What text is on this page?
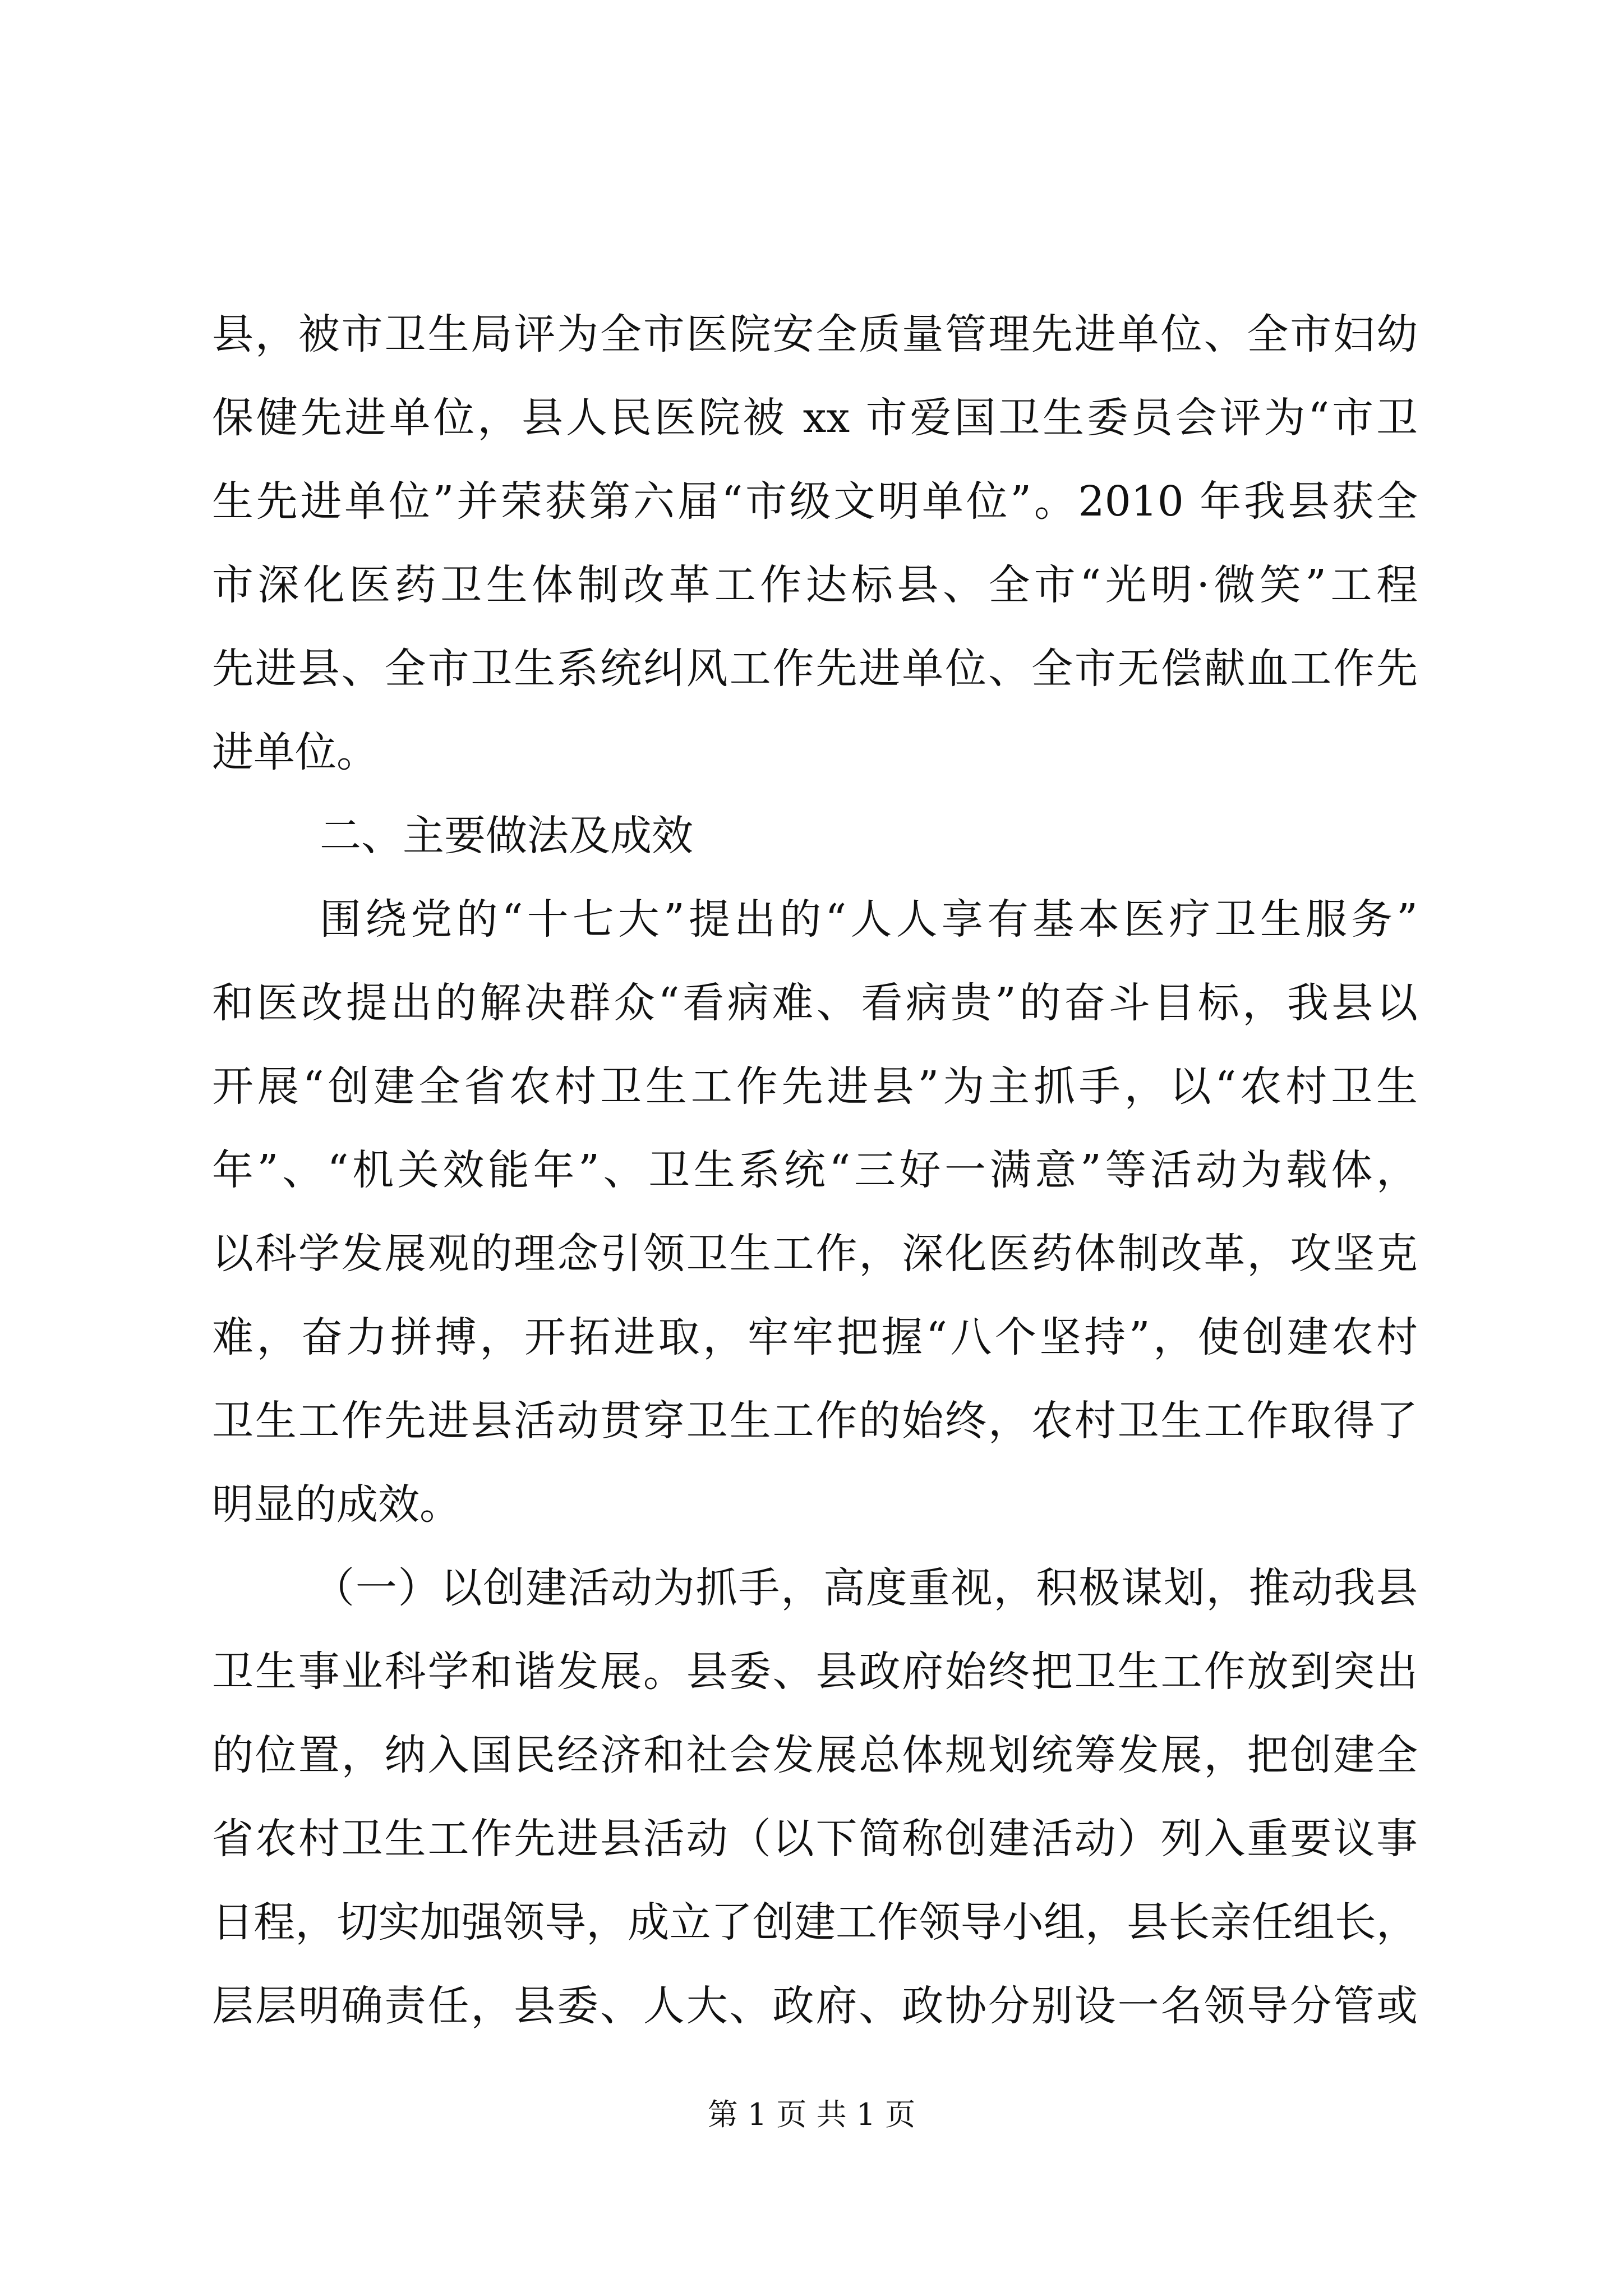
县，被市卫生局评为全市医院安全质量管理先进单位、全市妇幼
保健先进单位，县人民医院被 xx 市爱国卫生委员会评为“市卫
生先进单位”并荣获第六届“市级文明单位”。2010 年我县获全
市深化医药卫生体制改革工作达标县、全市“光明·微笑”工程
先进县、全市卫生系统纠风工作先进单位、全市无偿献血工作先
进单位。
二、主要做法及成效
围绕党的“十七大”提出的“人人享有基本医疗卫生服务”
和医改提出的解决群众“看病难、看病贵”的奋斗目标，我县以
开展“创建全省农村卫生工作先进县”为主抓手，以“农村卫生
年”、“机关效能年”、卫生系统“三好一满意”等活动为载体，
以科学发展观的理念引领卫生工作，深化医药体制改革，攻坚克
难，奋力拼搏，开拓进取，牢牢把握“八个坚持”，使创建农村
卫生工作先进县活动贯穿卫生工作的始终，农村卫生工作取得了
明显的成效。
（一）以创建活动为抓手，高度重视，积极谋划，推动我县
卫生事业科学和谐发展。县委、县政府始终把卫生工作放到突出
的位置，纳入国民经济和社会发展总体规划统筹发展，把创建全
省农村卫生工作先进县活动（以下简称创建活动）列入重要议事
日程，切实加强领导，成立了创建工作领导小组，县长亲任组长，
层层明确责任，县委、人大、政府、政协分别设一名领导分管或
第 1 页 共 1 页
